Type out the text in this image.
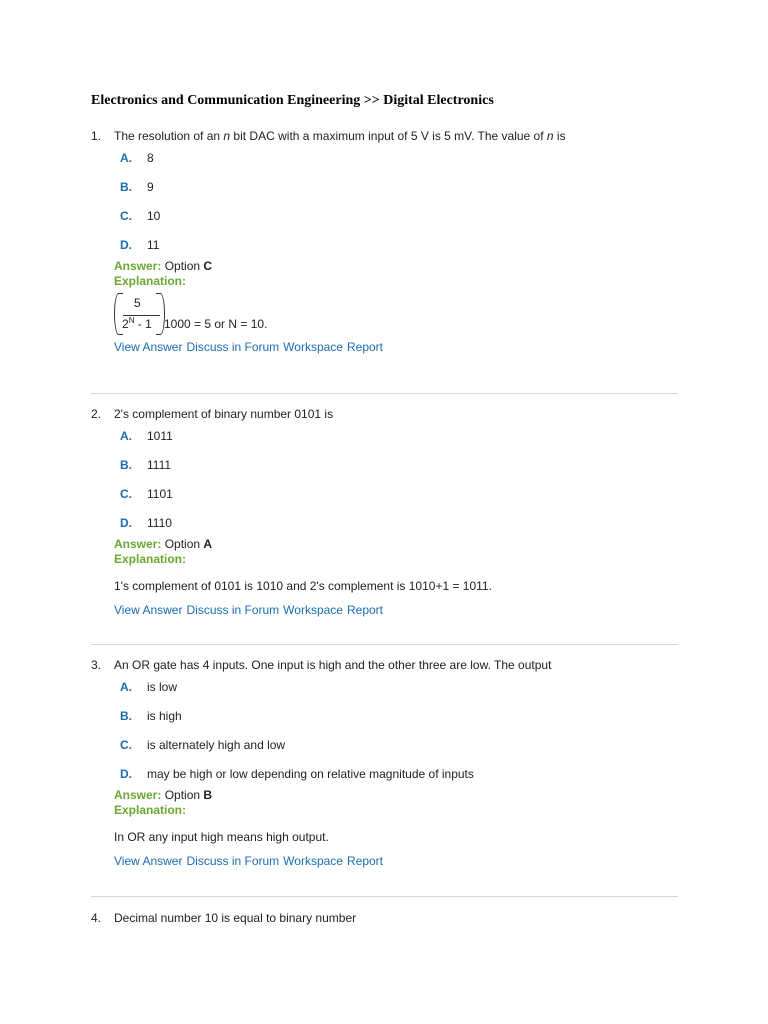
Electronics and Communication Engineering >> Digital Electronics
1. The resolution of an n bit DAC with a maximum input of 5 V is 5 mV. The value of n is
A. 8
B. 9
C. 10
D. 11
Answer: Option C
Explanation:
5
$2^N - 1$ 1000 = 5 or N = 10.
View Answer Discuss in Forum Workspace Report
2. 2's complement of binary number 0101 is
A. 1011
B. 1111
C. 1101
D. 1110
Answer: Option A
Explanation:
1's complement of 0101 is 1010 and 2's complement is 1010+1 = 1011.
View Answer Discuss in Forum Workspace Report
3. An OR gate has 4 inputs. One input is high and the other three are low. The output
A. is low
B. is high
C. is alternately high and low
D. may be high or low depending on relative magnitude of inputs
Answer: Option B
Explanation:
In OR any input high means high output.
View Answer Discuss in Forum Workspace Report
4. Decimal number 10 is equal to binary number
